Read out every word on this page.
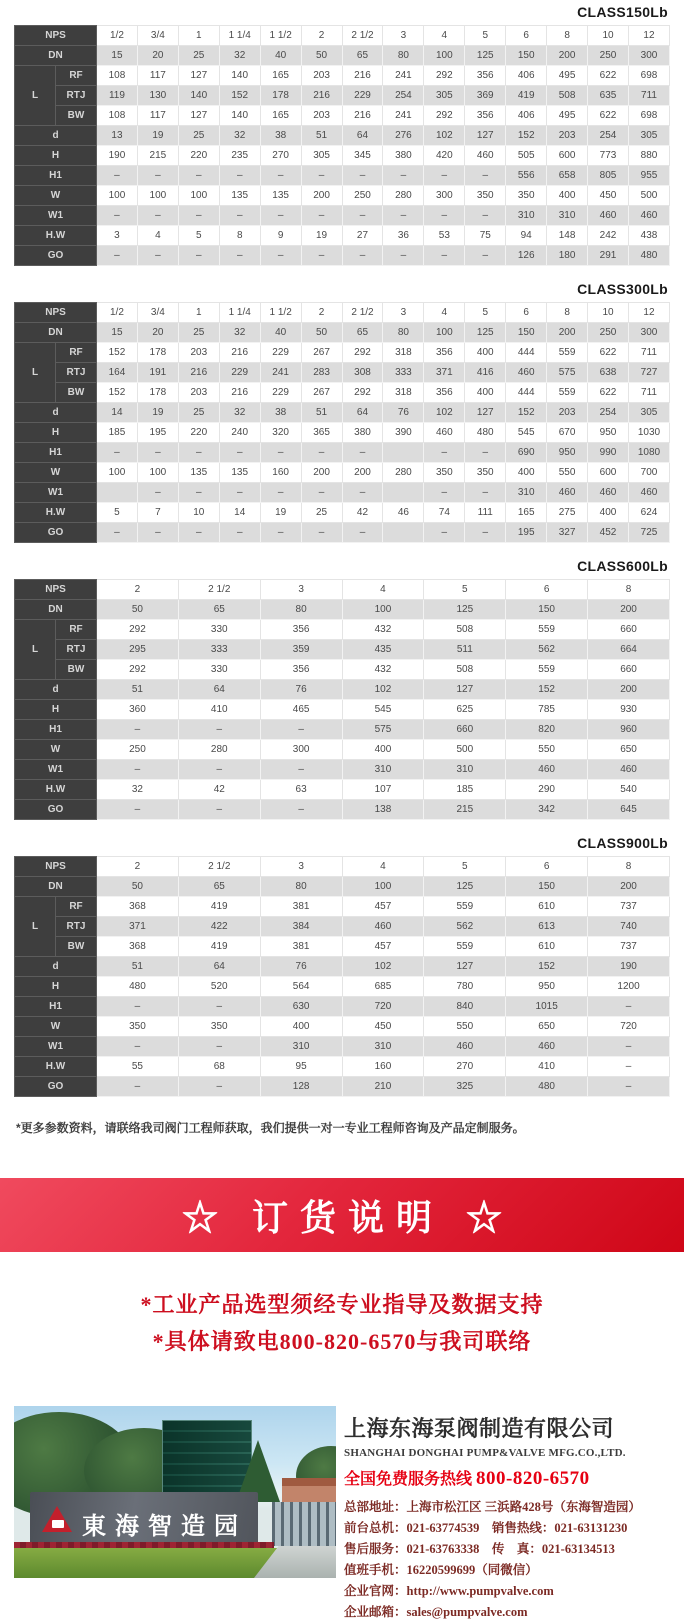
CLASS150Lb
NPS		1/2	3/4	1	1 1/4	1 1/2	2	2 1/2	3	4	5	6	8	10	12
DN		15	20	25	32	40	50	65	80	100	125	150	200	250	300
L	RF	108	117	127	140	165	203	216	241	292	356	406	495	622	698
	RTJ	119	130	140	152	178	216	229	254	305	369	419	508	635	711
	BW	108	117	127	140	165	203	216	241	292	356	406	495	622	698
d		13	19	25	32	38	51	64	276	102	127	152	203	254	305
H		190	215	220	235	270	305	345	380	420	460	505	600	773	880
H1		–	–	–	–	–	–	–	–	–	–	556	658	805	955
W		100	100	100	135	135	200	250	280	300	350	350	400	450	500
W1		–	–	–	–	–	–	–	–	–	–	310	310	460	460
H.W		3	4	5	8	9	19	27	36	53	75	94	148	242	438
GO		–	–	–	–	–	–	–	–	–	–	126	180	291	480
CLASS300Lb
NPS		1/2	3/4	1	1 1/4	1 1/2	2	2 1/2	3	4	5	6	8	10	12
DN		15	20	25	32	40	50	65	80	100	125	150	200	250	300
L	RF	152	178	203	216	229	267	292	318	356	400	444	559	622	711
	RTJ	164	191	216	229	241	283	308	333	371	416	460	575	638	727
	BW	152	178	203	216	229	267	292	318	356	400	444	559	622	711
d		14	19	25	32	38	51	64	76	102	127	152	203	254	305
H		185	195	220	240	320	365	380	390	460	480	545	670	950	1030
H1		–	–	–	–	–	–	–		–	–	690	950	990	1080
W		100	100	135	135	160	200	200	280	350	350	400	550	600	700
W1			–	–	–	–	–	–		–	–	310	460	460	460
H.W		5	7	10	14	19	25	42	46	74	111	165	275	400	624
GO		–	–	–	–	–	–	–		–	–	195	327	452	725
CLASS600Lb
NPS		2	2 1/2	3	4	5	6	8
DN		50	65	80	100	125	150	200
L	RF	292	330	356	432	508	559	660
	RTJ	295	333	359	435	511	562	664
	BW	292	330	356	432	508	559	660
d		51	64	76	102	127	152	200
H		360	410	465	545	625	785	930
H1		–	–	–	575	660	820	960
W		250	280	300	400	500	550	650
W1		–	–	–	310	310	460	460
H.W		32	42	63	107	185	290	540
GO		–	–	–	138	215	342	645
CLASS900Lb
NPS		2	2 1/2	3	4	5	6	8
DN		50	65	80	100	125	150	200
L	RF	368	419	381	457	559	610	737
	RTJ	371	422	384	460	562	613	740
	BW	368	419	381	457	559	610	737
d		51	64	76	102	127	152	190
H		480	520	564	685	780	950	1200
H1		–	–	630	720	840	1015	–
W		350	350	400	450	550	650	720
W1		–	–	310	310	460	460	–
H.W		55	68	95	160	270	410	–
GO		–	–	128	210	325	480	–

*更多参数资料，请联络我司阀门工程师获取，我们提供一对一专业工程师咨询及产品定制服务。

☆ 订货说明 ☆

*工业产品选型须经专业指导及数据支持

*具体请致电800-820-6570与我司联络

東海智造园

上海东海泵阀制造有限公司

SHANGHAI DONGHAI PUMP&VALVE MFG.CO.,LTD.

全国免费服务热线 800-820-6570

总部地址：上海市松江区 三浜路428号（东海智造园）

前台总机：021-63774539　销售热线：021-63131230

售后服务：021-63763338　传　真：021-63134513

值班手机：16220599699（同微信）

企业官网：http://www.pumpvalve.com

企业邮箱：sales@pumpvalve.com
